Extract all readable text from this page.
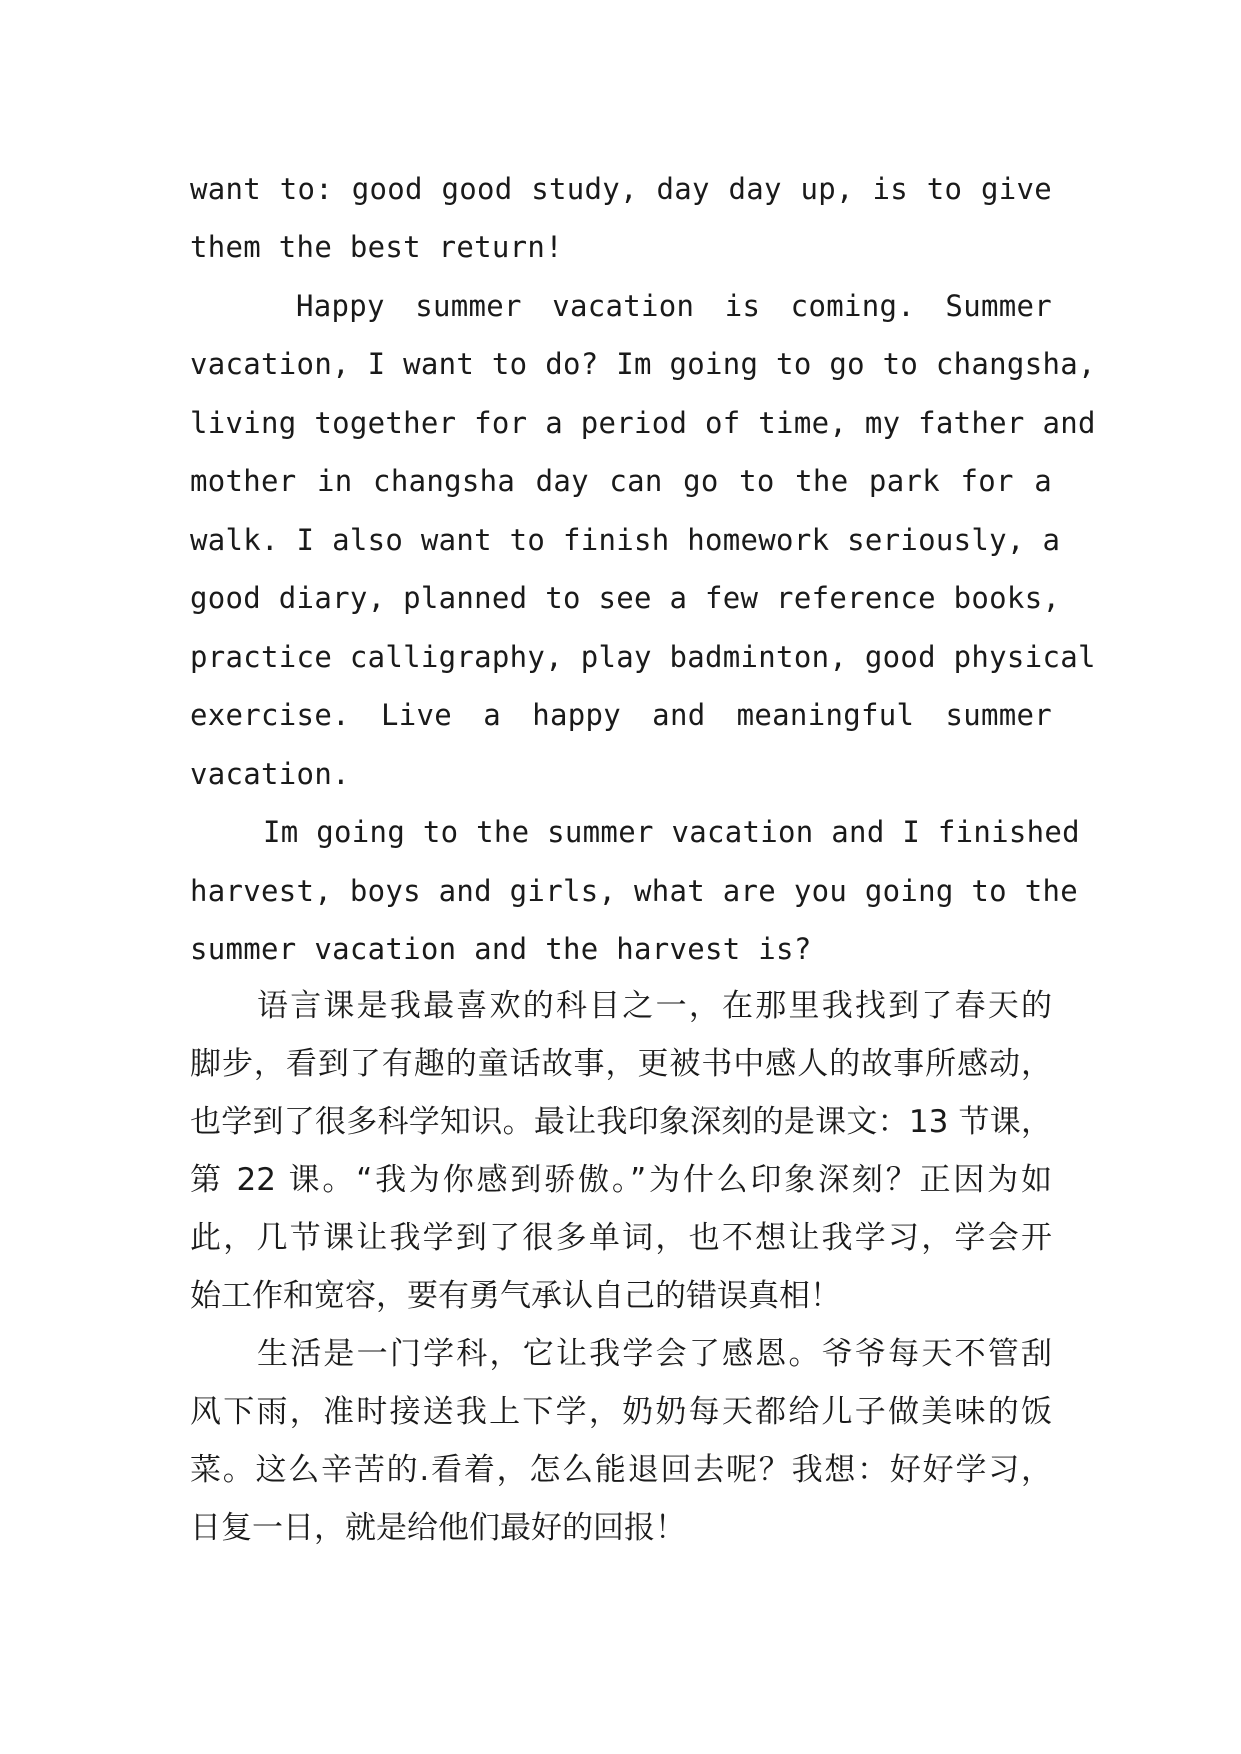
want to: good good study, day day up, is to give

them the best return!

Happy summer vacation is coming. Summer

vacation, I want to do? Im going to go to changsha,

living together for a period of time, my father and

mother in changsha day can go to the park for a

walk. I also want to finish homework seriously, a

good diary, planned to see a few reference books,

practice calligraphy, play badminton, good physical

exercise. Live a happy and meaningful summer

vacation.

Im going to the summer vacation and I finished

harvest, boys and girls, what are you going to the

summer vacation and the harvest is?

语言课是我最喜欢的科目之一，在那里我找到了春天的

脚步，看到了有趣的童话故事，更被书中感人的故事所感动，

也学到了很多科学知识。最让我印象深刻的是课文：13 节课，

第 22 课。“我为你感到骄傲。”为什么印象深刻？正因为如

此，几节课让我学到了很多单词，也不想让我学习，学会开

始工作和宽容，要有勇气承认自己的错误真相！

生活是一门学科，它让我学会了感恩。爷爷每天不管刮

风下雨，准时接送我上下学，奶奶每天都给儿子做美味的饭

菜。这么辛苦的.看着，怎么能退回去呢？我想：好好学习，

日复一日，就是给他们最好的回报！
